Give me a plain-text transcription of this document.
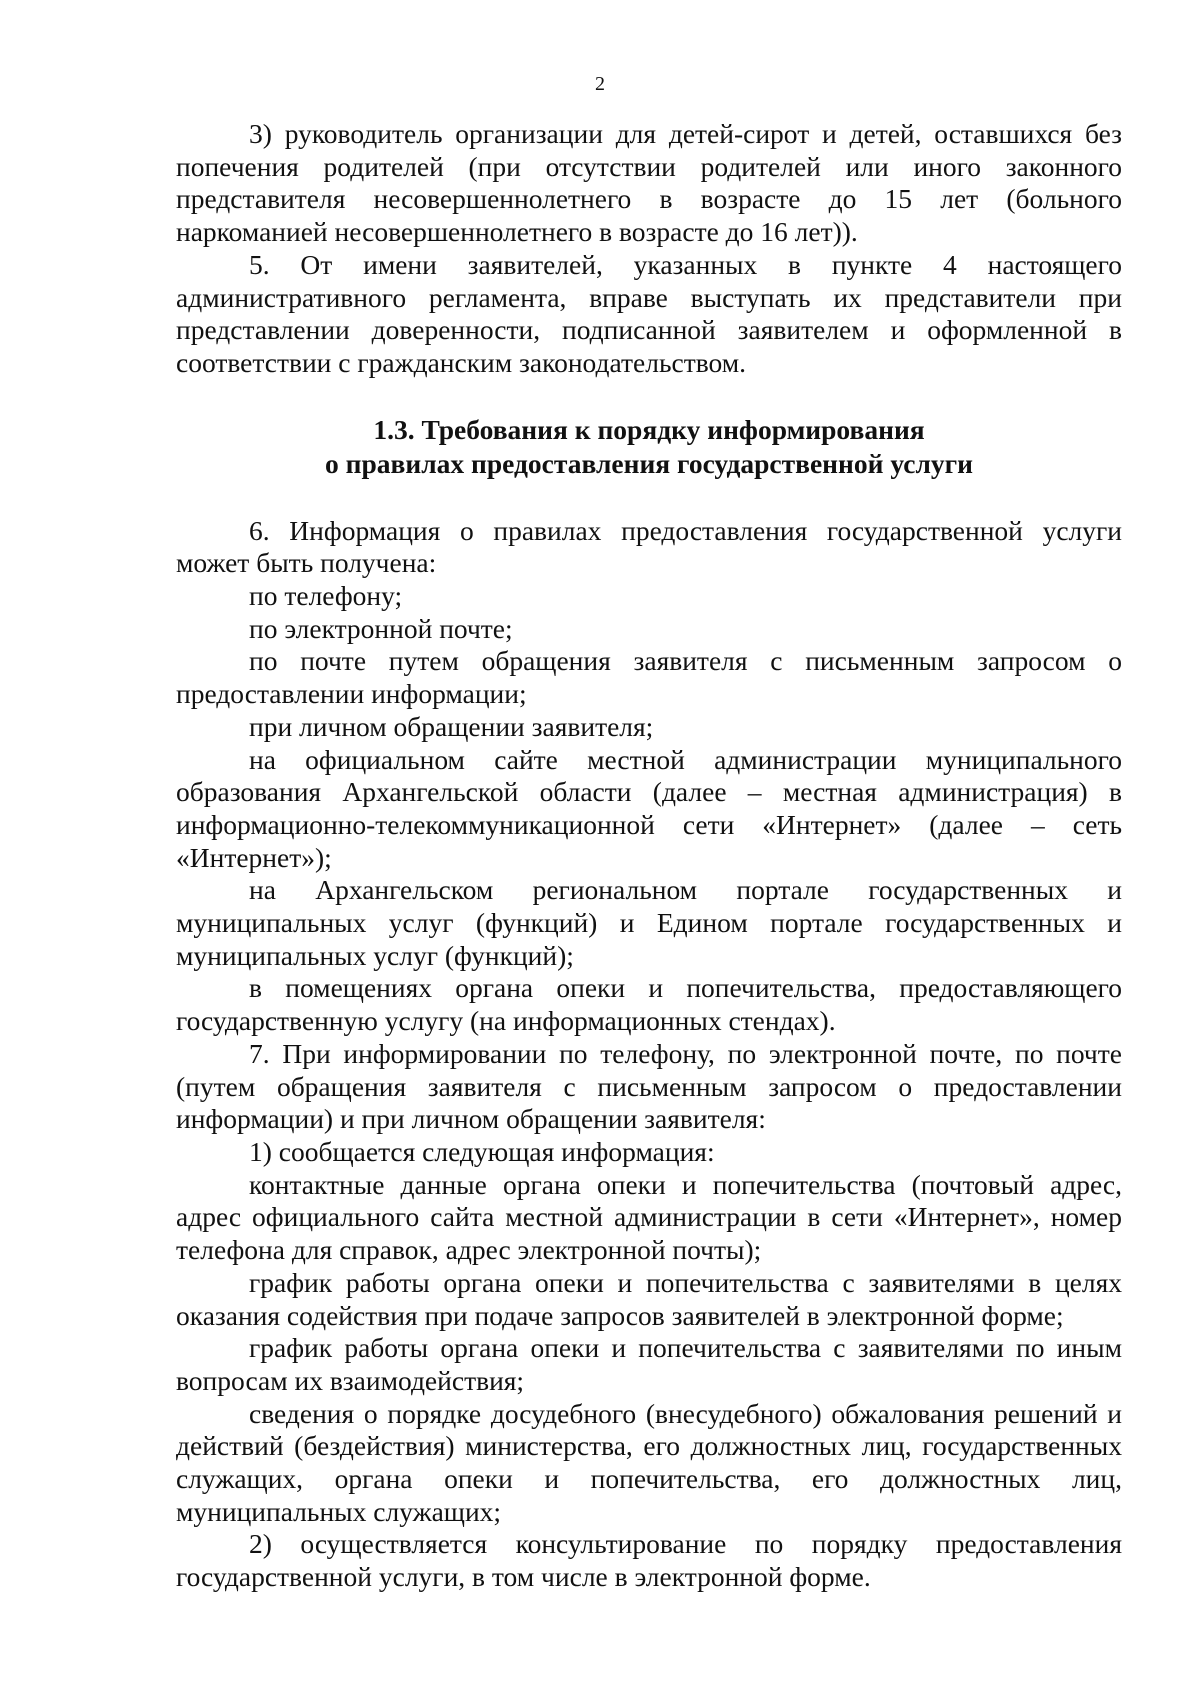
2

3) руководитель организации для детей-сирот и детей, оставшихся без попечения родителей (при отсутствии родителей или иного законного представителя несовершеннолетнего в возрасте до 15 лет (больного наркоманией несовершеннолетнего в возрасте до 16 лет)).

5. От имени заявителей, указанных в пункте 4 настоящего административного регламента, вправе выступать их представители при представлении доверенности, подписанной заявителем и оформленной в соответствии с гражданским законодательством.

1.3. Требования к порядку информирования
о правилах предоставления государственной услуги

6. Информация о правилах предоставления государственной услуги может быть получена:

по телефону;

по электронной почте;

по почте путем обращения заявителя с письменным запросом о предоставлении информации;

при личном обращении заявителя;

на официальном сайте местной администрации муниципального образования Архангельской области (далее – местная администрация) в информационно-телекоммуникационной сети «Интернет» (далее – сеть «Интернет»);

на Архангельском региональном портале государственных и муниципальных услуг (функций) и Едином портале государственных и муниципальных услуг (функций);

в помещениях органа опеки и попечительства, предоставляющего государственную услугу (на информационных стендах).

7. При информировании по телефону, по электронной почте, по почте (путем обращения заявителя с письменным запросом о предоставлении информации) и при личном обращении заявителя:

1) сообщается следующая информация:

контактные данные органа опеки и попечительства (почтовый адрес, адрес официального сайта местной администрации в сети «Интернет», номер телефона для справок, адрес электронной почты);

график работы органа опеки и попечительства с заявителями в целях оказания содействия при подаче запросов заявителей в электронной форме;

график работы органа опеки и попечительства с заявителями по иным вопросам их взаимодействия;

сведения о порядке досудебного (внесудебного) обжалования решений и действий (бездействия) министерства, его должностных лиц, государственных служащих, органа опеки и попечительства, его должностных лиц, муниципальных служащих;

2) осуществляется консультирование по порядку предоставления государственной услуги, в том числе в электронной форме.
